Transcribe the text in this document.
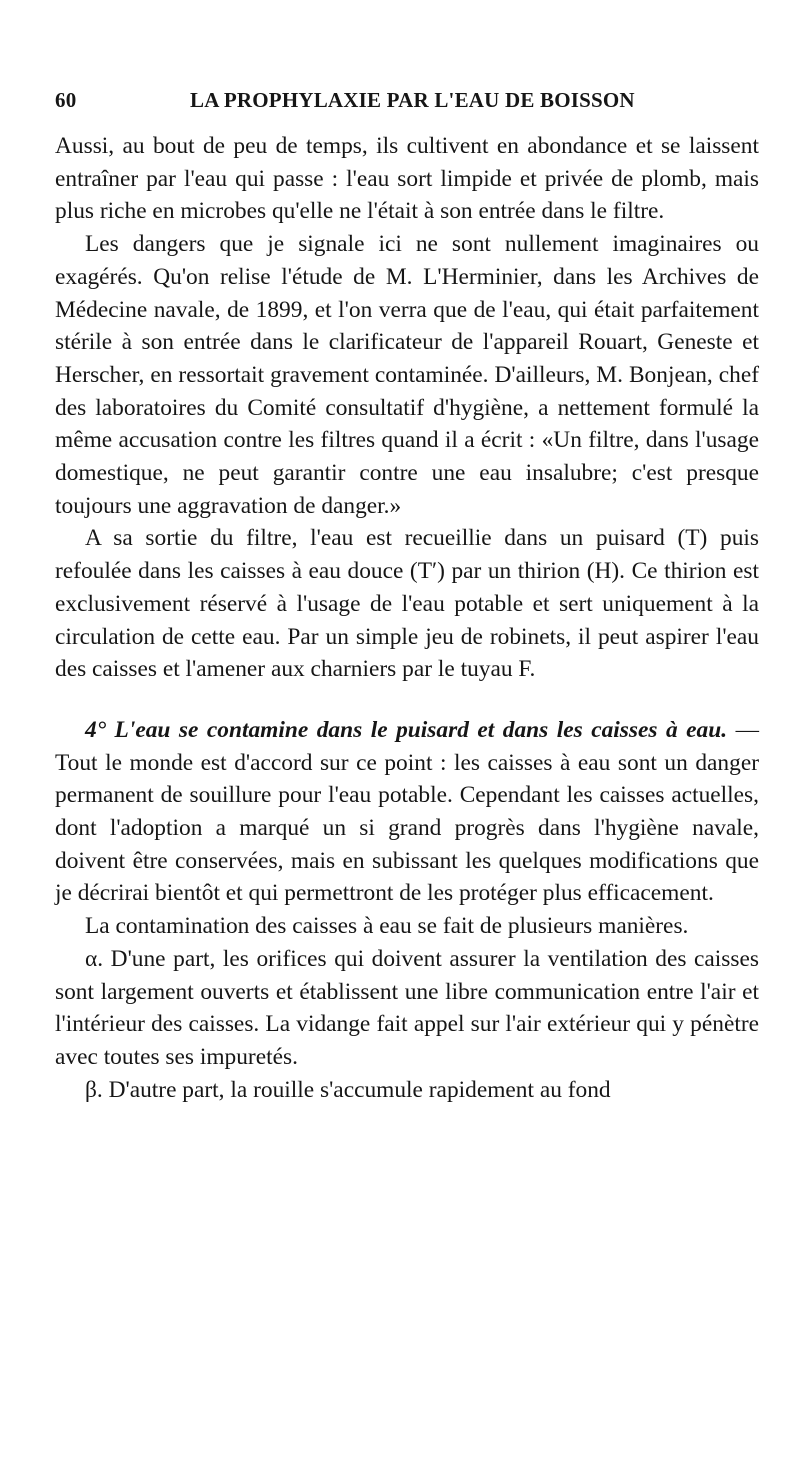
60	LA PROPHYLAXIE PAR L'EAU DE BOISSON

Aussi, au bout de peu de temps, ils cultivent en abondance et se laissent entraîner par l'eau qui passe : l'eau sort limpide et privée de plomb, mais plus riche en microbes qu'elle ne l'était à son entrée dans le filtre.

Les dangers que je signale ici ne sont nullement imaginaires ou exagérés. Qu'on relise l'étude de M. L'Herminier, dans les Archives de Médecine navale, de 1899, et l'on verra que de l'eau, qui était parfaitement stérile à son entrée dans le clarificateur de l'appareil Rouart, Geneste et Herscher, en ressortait gravement contaminée. D'ailleurs, M. Bonjean, chef des laboratoires du Comité consultatif d'hygiène, a nettement formulé la même accusation contre les filtres quand il a écrit : «Un filtre, dans l'usage domestique, ne peut garantir contre une eau insalubre; c'est presque toujours une aggravation de danger.»

A sa sortie du filtre, l'eau est recueillie dans un puisard (T) puis refoulée dans les caisses à eau douce (T′) par un thirion (H). Ce thirion est exclusivement réservé à l'usage de l'eau potable et sert uniquement à la circulation de cette eau. Par un simple jeu de robinets, il peut aspirer l'eau des caisses et l'amener aux charniers par le tuyau F.

4° L'eau se contamine dans le puisard et dans les caisses à eau. — Tout le monde est d'accord sur ce point : les caisses à eau sont un danger permanent de souillure pour l'eau potable. Cependant les caisses actuelles, dont l'adoption a marqué un si grand progrès dans l'hygiène navale, doivent être conservées, mais en subissant les quelques modifications que je décrirai bientôt et qui permettront de les protéger plus efficacement.

La contamination des caisses à eau se fait de plusieurs manières.

α. D'une part, les orifices qui doivent assurer la ventilation des caisses sont largement ouverts et établissent une libre communication entre l'air et l'intérieur des caisses. La vidange fait appel sur l'air extérieur qui y pénètre avec toutes ses impuretés.

β. D'autre part, la rouille s'accumule rapidement au fond
